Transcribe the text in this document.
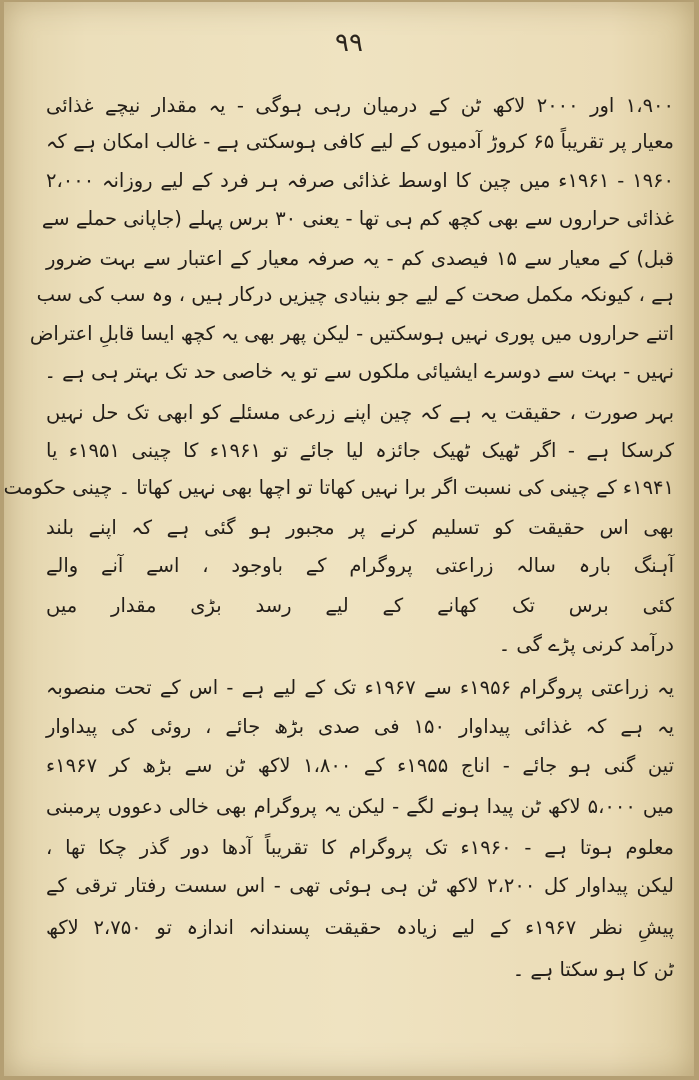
۹۹
۱،۹۰۰ اور ۲۰۰۰ لاکھ ٹن کے درمیان رہی ہوگی - یہ مقدار نیچے غذائی
معیار پر تقریباً ۶۵ کروڑ آدمیوں کے لیے کافی ہوسکتی ہے - غالب امکان ہے کہ
۱۹۶۰ - ۱۹۶۱ء میں چین کا اوسط غذائی صرفہ ہر فرد کے لیے روزانہ ۲،۰۰۰
غذائی حراروں سے بھی کچھ کم ہی تھا - یعنی ۳۰ برس پہلے (جاپانی حملے سے
قبل) کے معیار سے ۱۵ فیصدی کم - یہ صرفہ معیار کے اعتبار سے بہت ضرور
ہے ، کیونکہ مکمل صحت کے لیے جو بنیادی چیزیں درکار ہیں ، وہ سب کی سب
اتنے حراروں میں پوری نہیں ہوسکتیں - لیکن پھر بھی یہ کچھ ایسا قابلِ اعتراض
نہیں - بہت سے دوسرے ایشیائی ملکوں سے تو یہ خاصی حد تک بہتر ہی ہے ۔
بہر صورت ، حقیقت یہ ہے کہ چین اپنے زرعی مسئلے کو ابھی تک حل نہیں
کرسکا ہے - اگر ٹھیک ٹھیک جائزہ لیا جائے تو ۱۹۶۱ء کا چینی ۱۹۵۱ء یا
۱۹۴۱ء کے چینی کی نسبت اگر برا نہیں کھاتا تو اچھا بھی نہیں کھاتا ۔ چینی حکومت
بھی اس حقیقت کو تسلیم کرنے پر مجبور ہو گئی ہے کہ اپنے بلند
آہنگ بارہ سالہ زراعتی پروگرام کے باوجود ، اسے آنے والے
کئی برس تک کھانے کے لیے رسد بڑی مقدار میں
درآمد کرنی پڑے گی ۔
یہ زراعتی پروگرام ۱۹۵۶ء سے ۱۹۶۷ء تک کے لیے ہے - اس کے تحت منصوبہ
یہ ہے کہ غذائی پیداوار ۱۵۰ فی صدی بڑھ جائے ، روئی کی پیداوار
تین گنی ہو جائے - اناج ۱۹۵۵ء کے ۱،۸۰۰ لاکھ ٹن سے بڑھ کر ۱۹۶۷ء
میں ۵،۰۰۰ لاکھ ٹن پیدا ہونے لگے - لیکن یہ پروگرام بھی خالی دعووں پرمبنی
معلوم ہوتا ہے - ۱۹۶۰ء تک پروگرام کا تقریباً آدھا دور گذر چکا تھا ،
لیکن پیداوار کل ۲،۲۰۰ لاکھ ٹن ہی ہوئی تھی - اس سست رفتار ترقی کے
پیشِ نظر ۱۹۶۷ء کے لیے زیادہ حقیقت پسندانہ اندازہ تو ۲،۷۵۰ لاکھ
ٹن کا ہو سکتا ہے ۔
